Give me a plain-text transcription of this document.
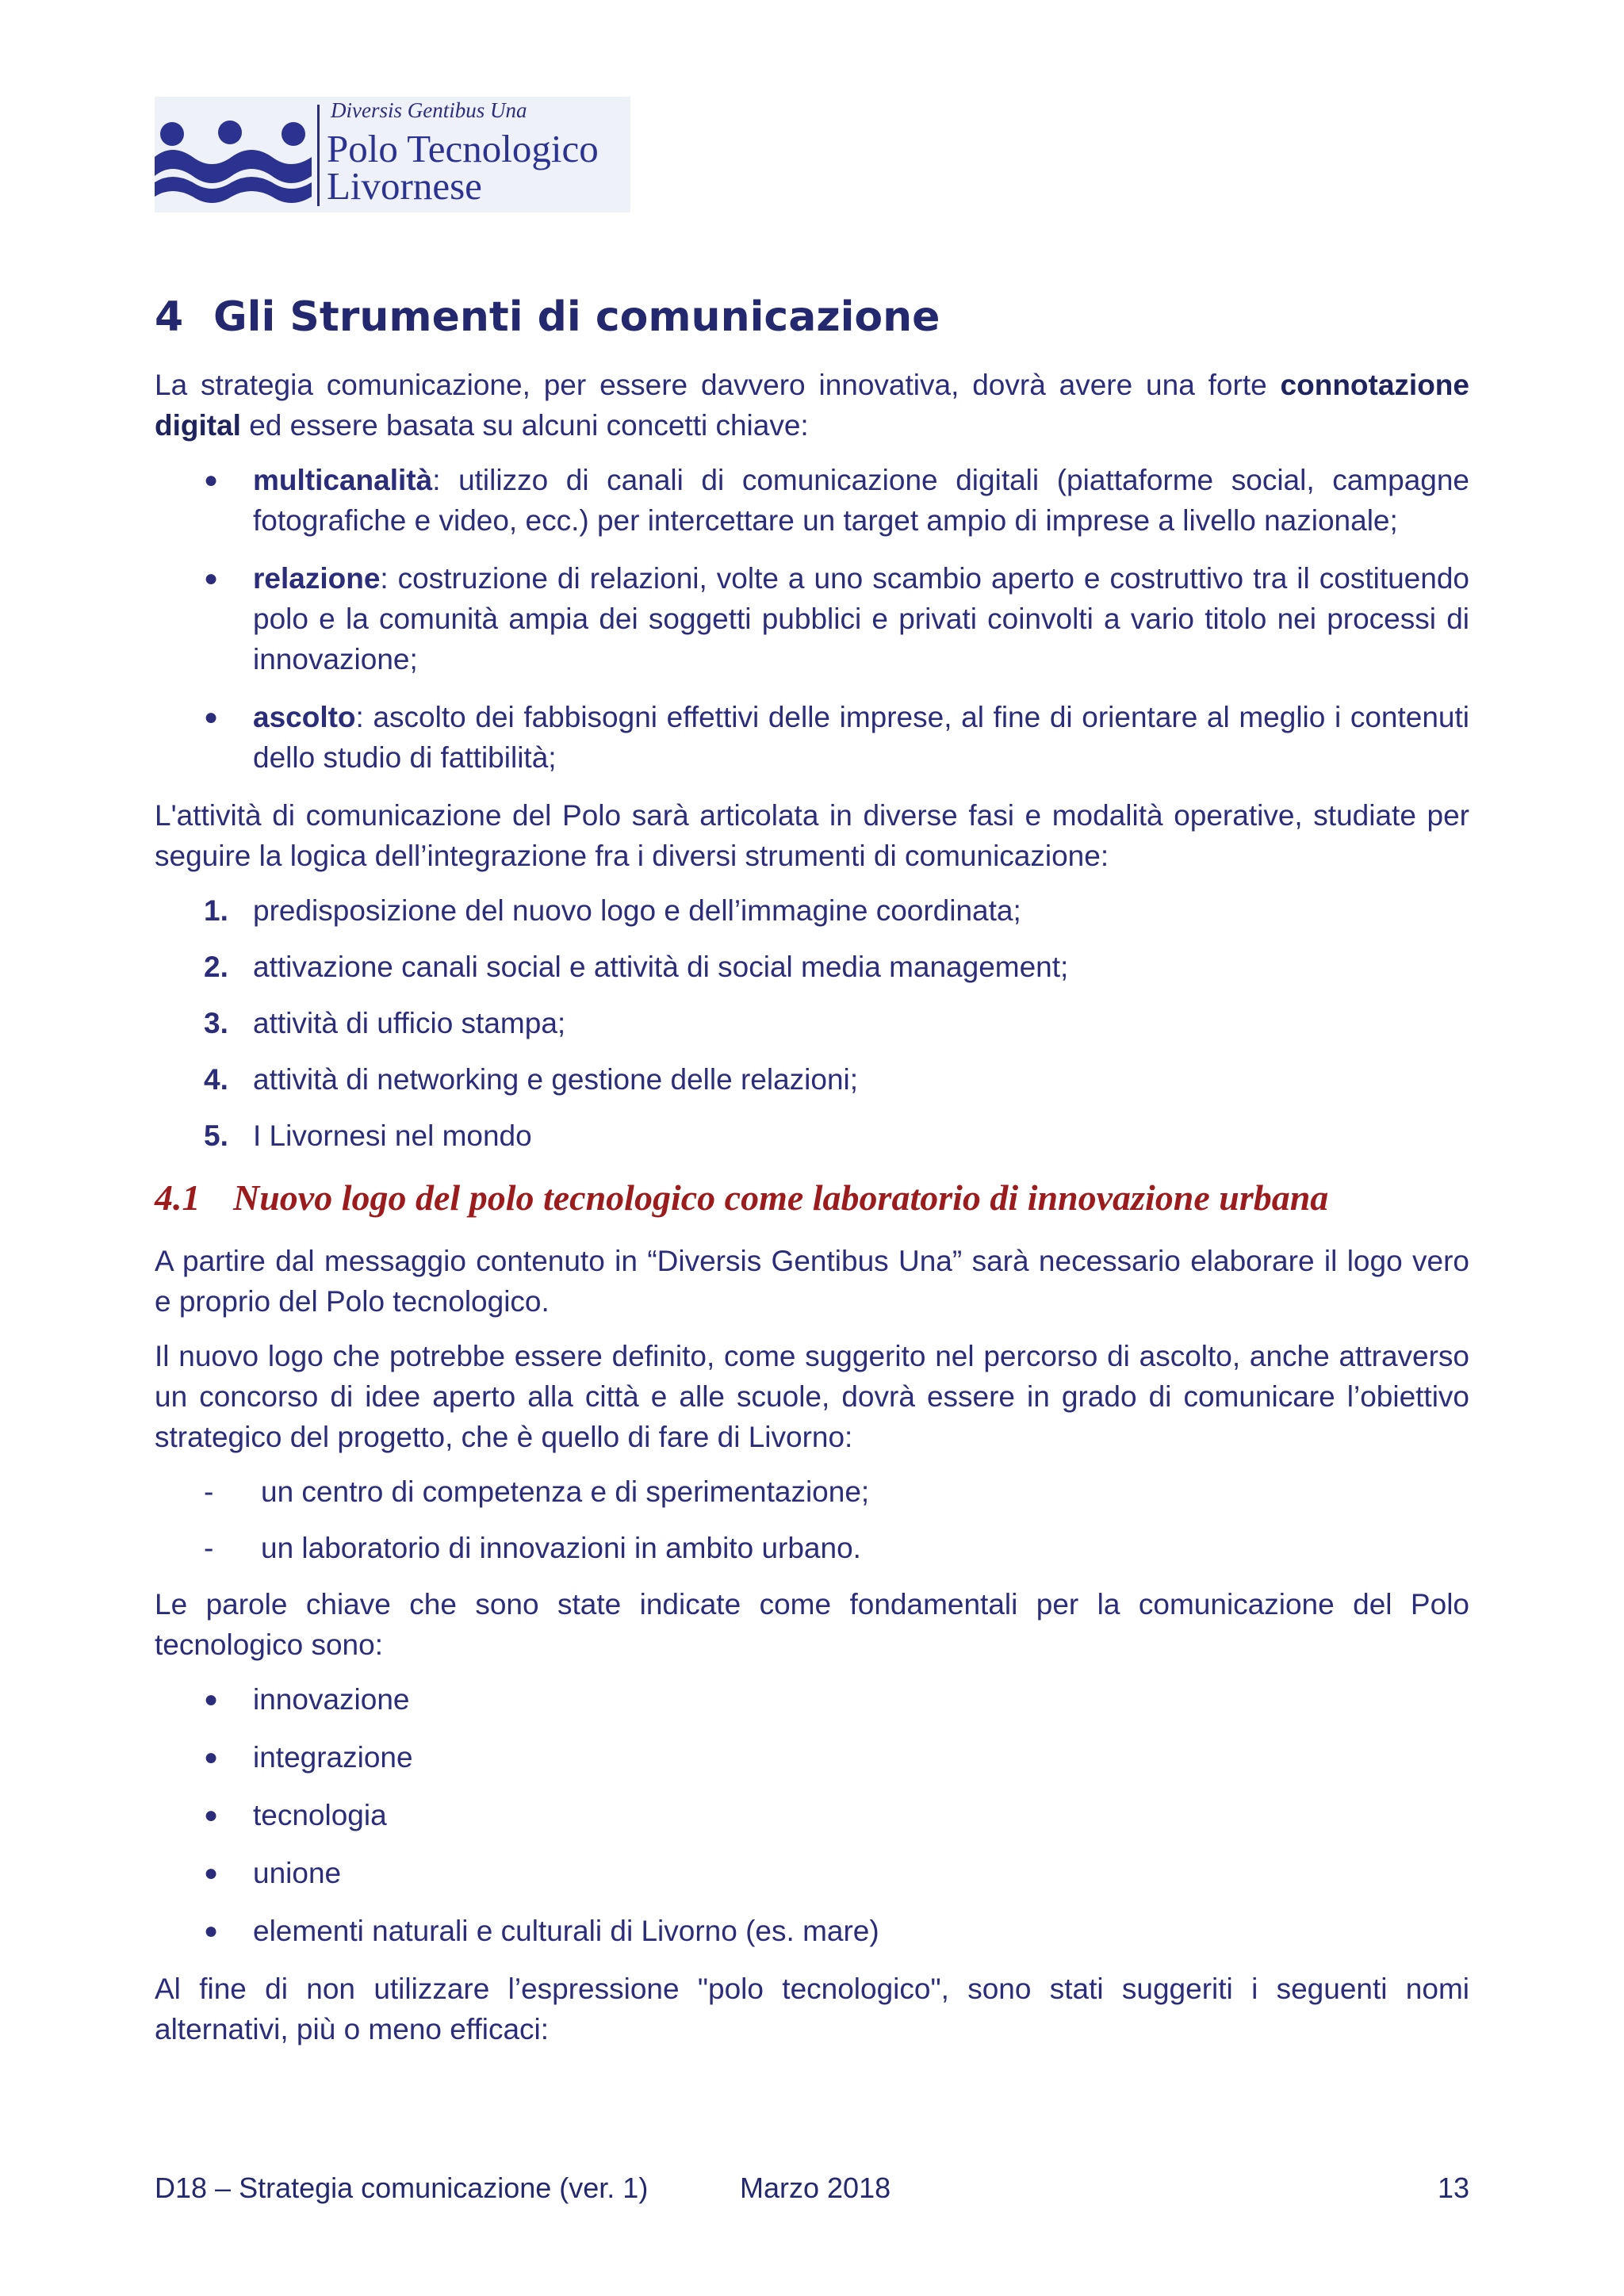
Diversis Gentibus Una
Polo Tecnologico
Livornese
4 Gli Strumenti di comunicazione

La strategia comunicazione, per essere davvero innovativa, dovrà avere una forte connotazione digital ed essere basata su alcuni concetti chiave:

● multicanalità: utilizzo di canali di comunicazione digitali (piattaforme social, campagne fotografiche e video, ecc.) per intercettare un target ampio di imprese a livello nazionale;
● relazione: costruzione di relazioni, volte a uno scambio aperto e costruttivo tra il costituendo polo e la comunità ampia dei soggetti pubblici e privati coinvolti a vario titolo nei processi di innovazione;
● ascolto: ascolto dei fabbisogni effettivi delle imprese, al fine di orientare al meglio i contenuti dello studio di fattibilità;

L'attività di comunicazione del Polo sarà articolata in diverse fasi e modalità operative, studiate per seguire la logica dell’integrazione fra i diversi strumenti di comunicazione:

1. predisposizione del nuovo logo e dell’immagine coordinata;
2. attivazione canali social e attività di social media management;
3. attività di ufficio stampa;
4. attività di networking e gestione delle relazioni;
5. I Livornesi nel mondo
4.1 Nuovo logo del polo tecnologico come laboratorio di innovazione urbana

A partire dal messaggio contenuto in “Diversis Gentibus Una” sarà necessario elaborare il logo vero e proprio del Polo tecnologico.

Il nuovo logo che potrebbe essere definito, come suggerito nel percorso di ascolto, anche attraverso un concorso di idee aperto alla città e alle scuole, dovrà essere in grado di comunicare l’obiettivo strategico del progetto, che è quello di fare di Livorno:

- un centro di competenza e di sperimentazione;
- un laboratorio di innovazioni in ambito urbano.

Le parole chiave che sono state indicate come fondamentali per la comunicazione del Polo tecnologico sono:

● innovazione
● integrazione
● tecnologia
● unione
● elementi naturali e culturali di Livorno (es. mare)

Al fine di non utilizzare l’espressione "polo tecnologico", sono stati suggeriti i seguenti nomi alternativi, più o meno efficaci:

D18 – Strategia comunicazione (ver. 1)	Marzo 2018	13
